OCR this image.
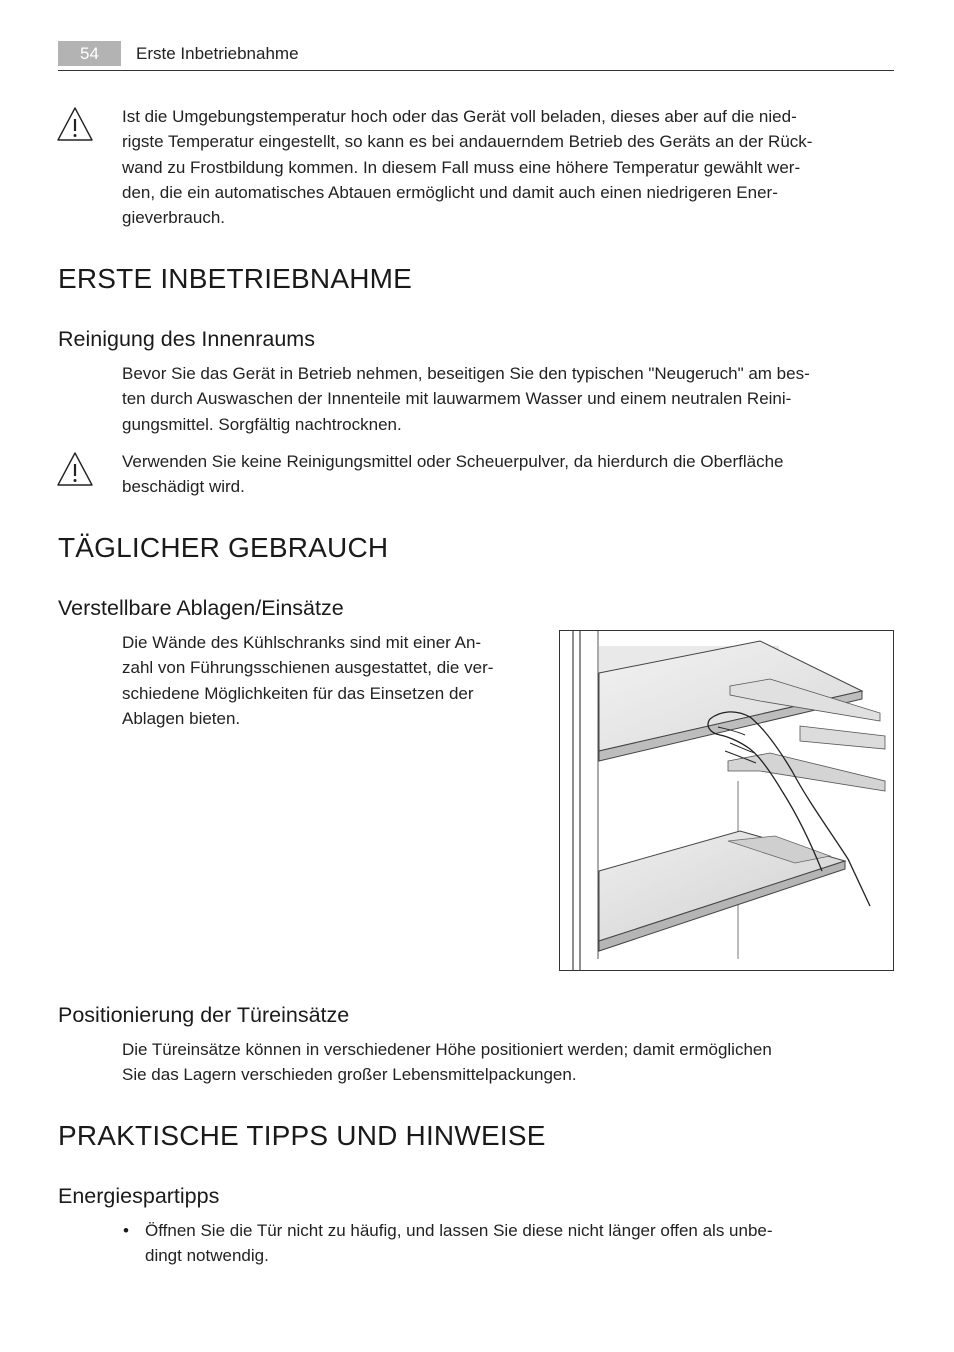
54	Erste Inbetriebnahme

Ist die Umgebungstemperatur hoch oder das Gerät voll beladen, dieses aber auf die nied-

rigste Temperatur eingestellt, so kann es bei andauerndem Betrieb des Geräts an der Rück-

wand zu Frostbildung kommen. In diesem Fall muss eine höhere Temperatur gewählt wer-

den, die ein automatisches Abtauen ermöglicht und damit auch einen niedrigeren Ener-

gieverbrauch.

ERSTE INBETRIEBNAHME
Reinigung des Innenraums

Bevor Sie das Gerät in Betrieb nehmen, beseitigen Sie den typischen "Neugeruch" am bes-

ten durch Auswaschen der Innenteile mit lauwarmem Wasser und einem neutralen Reini-

gungsmittel. Sorgfältig nachtrocknen.

Verwenden Sie keine Reinigungsmittel oder Scheuerpulver, da hierdurch die Oberfläche

beschädigt wird.

TÄGLICHER GEBRAUCH
Verstellbare Ablagen/Einsätze

Die Wände des Kühlschranks sind mit einer An-

zahl von Führungsschienen ausgestattet, die ver-

schiedene Möglichkeiten für das Einsetzen der

Ablagen bieten.

Positionierung der Türeinsätze

Die Türeinsätze können in verschiedener Höhe positioniert werden; damit ermöglichen

Sie das Lagern verschieden großer Lebensmittelpackungen.

PRAKTISCHE TIPPS UND HINWEISE
Energiespartipps
• Öffnen Sie die Tür nicht zu häufig, und lassen Sie diese nicht länger offen als unbe-

dingt notwendig.
